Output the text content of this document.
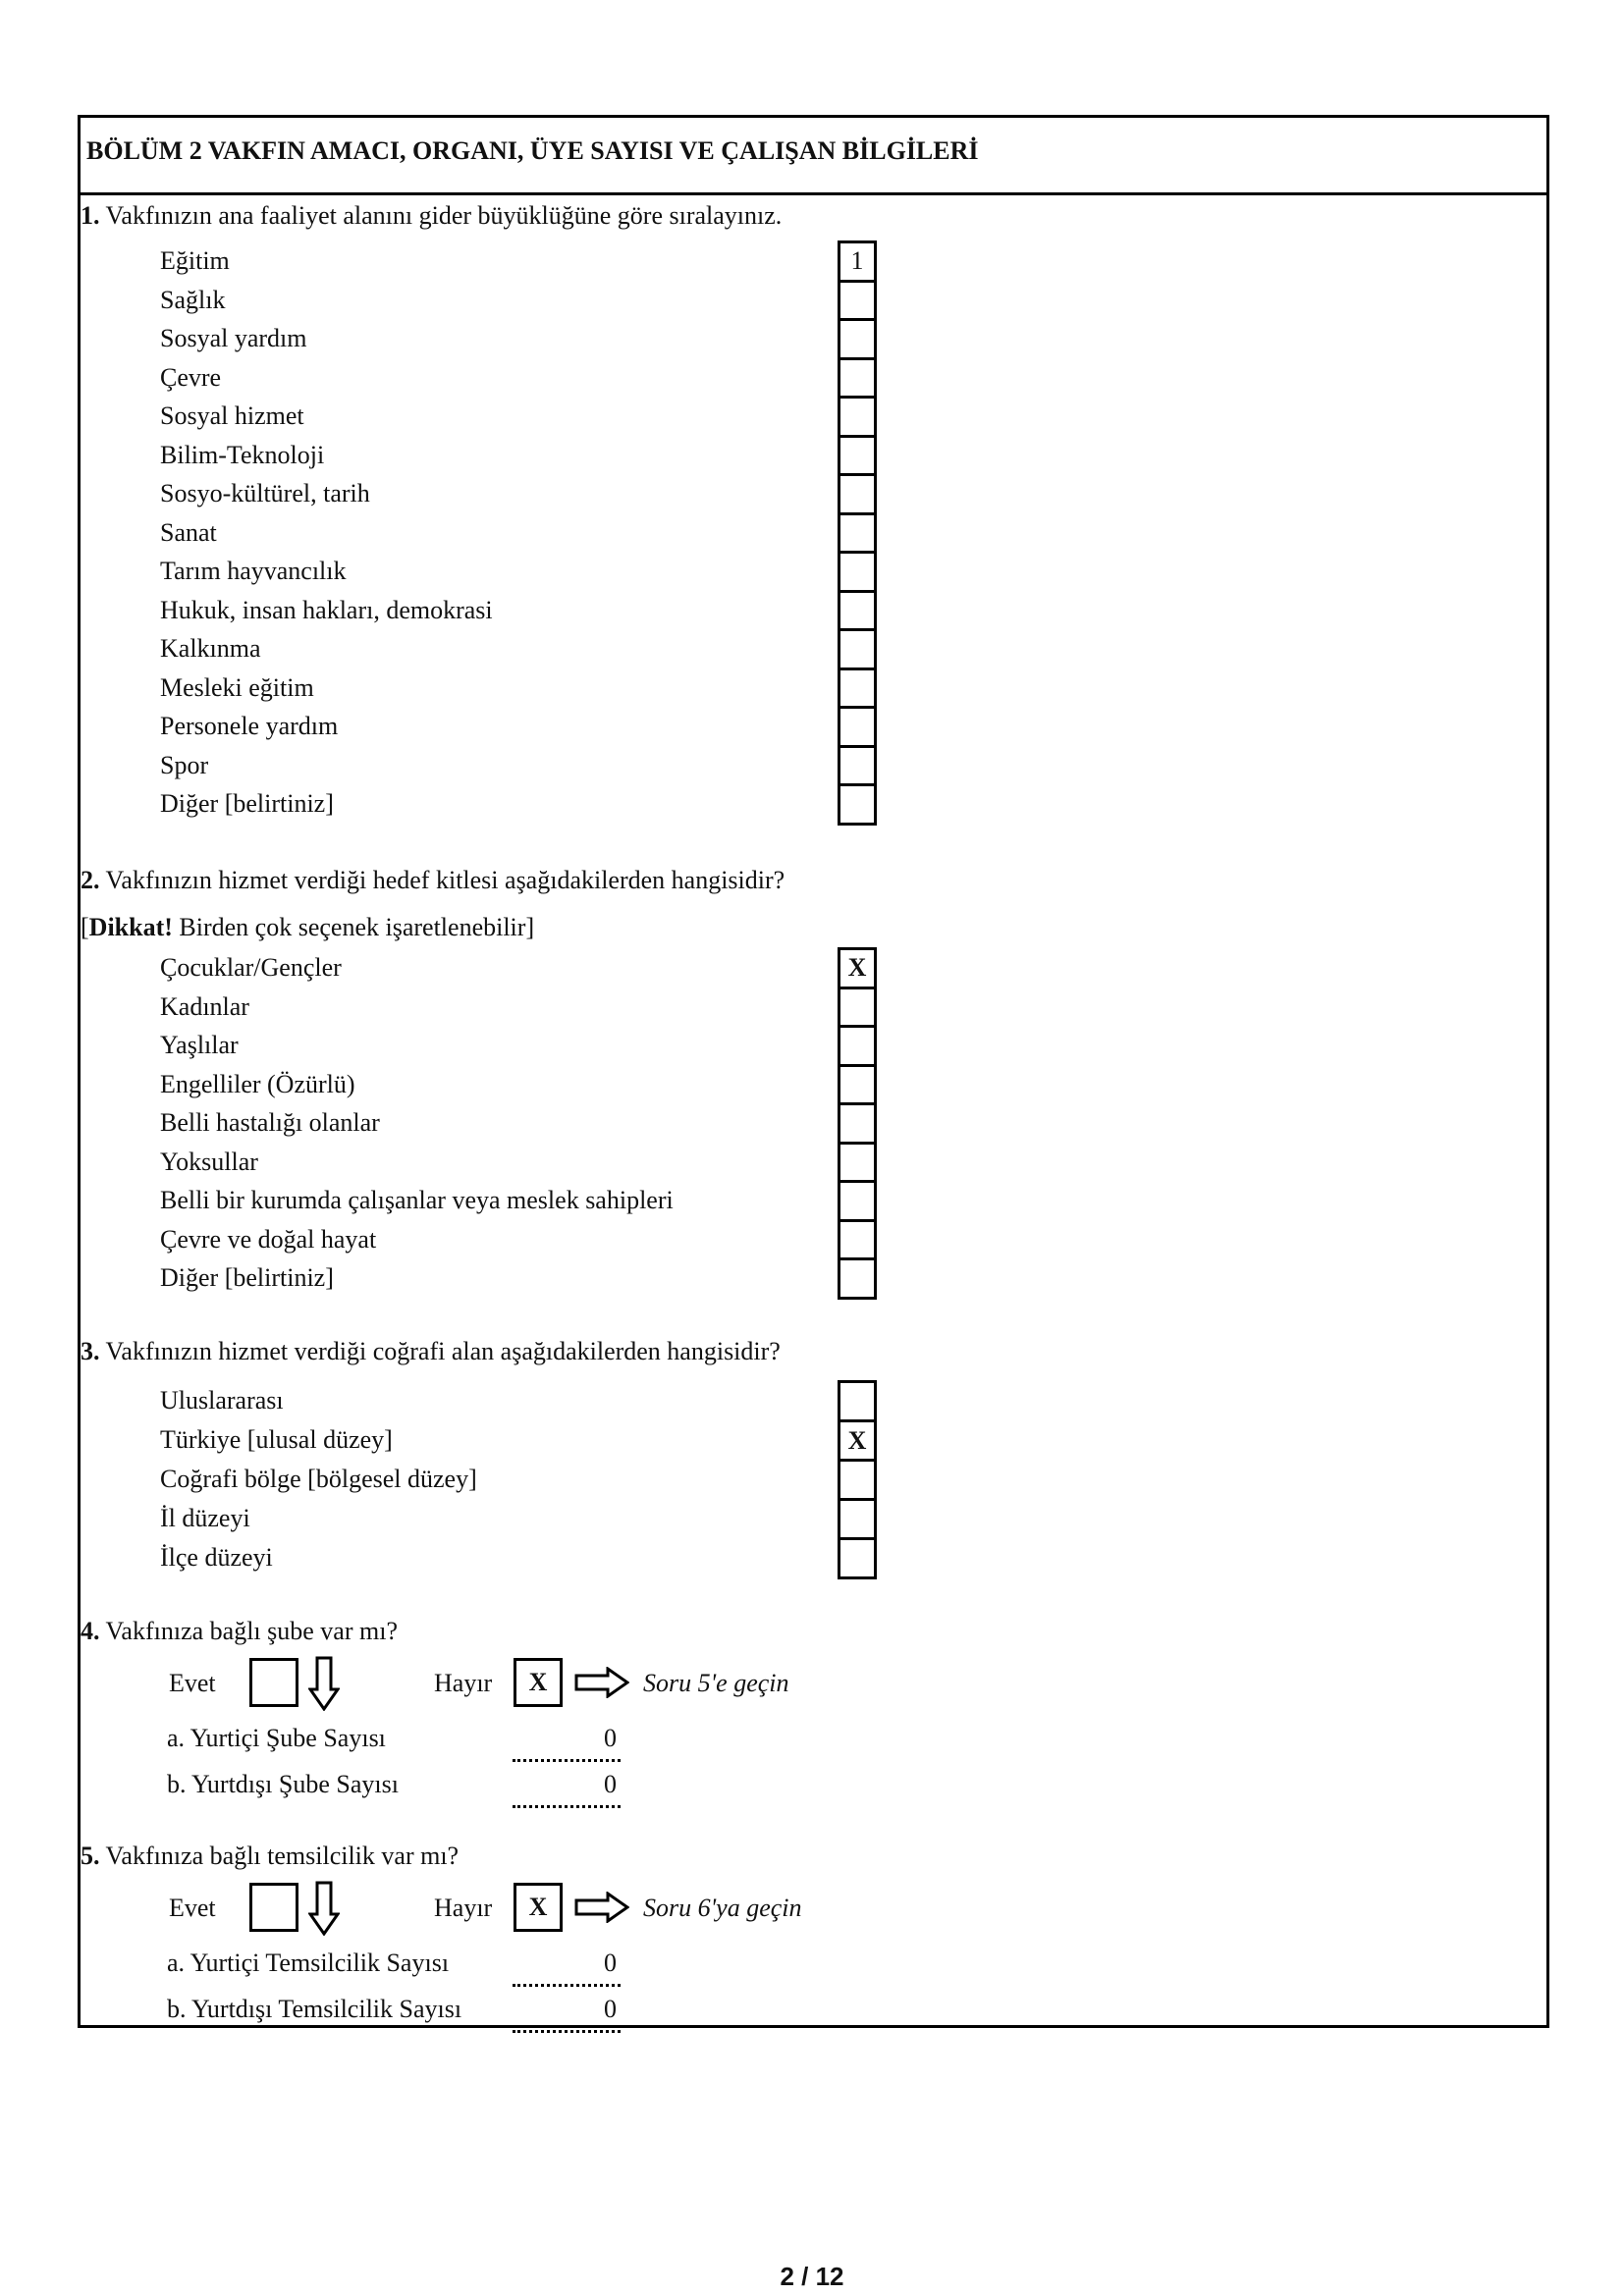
BÖLÜM 2 VAKFIN AMACI, ORGANI, ÜYE SAYISI VE ÇALIŞAN BİLGİLERİ
1. Vakfınızın ana faaliyet alanını gider büyüklüğüne göre sıralayınız.
Eğitim	1
Sağlık
Sosyal yardım
Çevre
Sosyal hizmet
Bilim-Teknoloji
Sosyo-kültürel, tarih
Sanat
Tarım hayvancılık
Hukuk, insan hakları, demokrasi
Kalkınma
Mesleki eğitim
Personele yardım
Spor
Diğer [belirtiniz]
2. Vakfınızın hizmet verdiği hedef kitlesi aşağıdakilerden hangisidir?
[Dikkat! Birden çok seçenek işaretlenebilir]
Çocuklar/Gençler	X
Kadınlar
Yaşlılar
Engelliler (Özürlü)
Belli hastalığı olanlar
Yoksullar
Belli bir kurumda çalışanlar veya meslek sahipleri
Çevre ve doğal hayat
Diğer [belirtiniz]
3. Vakfınızın hizmet verdiği coğrafi alan aşağıdakilerden hangisidir?
Uluslararası
Türkiye [ulusal düzey]	X
Coğrafi bölge [bölgesel düzey]
İl düzeyi
İlçe düzeyi
4. Vakfınıza bağlı şube var mı?
Evet	Hayır	X	Soru 5'e geçin
a. Yurtiçi Şube Sayısı	0
b. Yurtdışı Şube Sayısı	0
5. Vakfınıza bağlı temsilcilik var mı?
Evet	Hayır	X	Soru 6'ya geçin
a. Yurtiçi Temsilcilik Sayısı	0
b. Yurtdışı Temsilcilik Sayısı	0
2 / 12
